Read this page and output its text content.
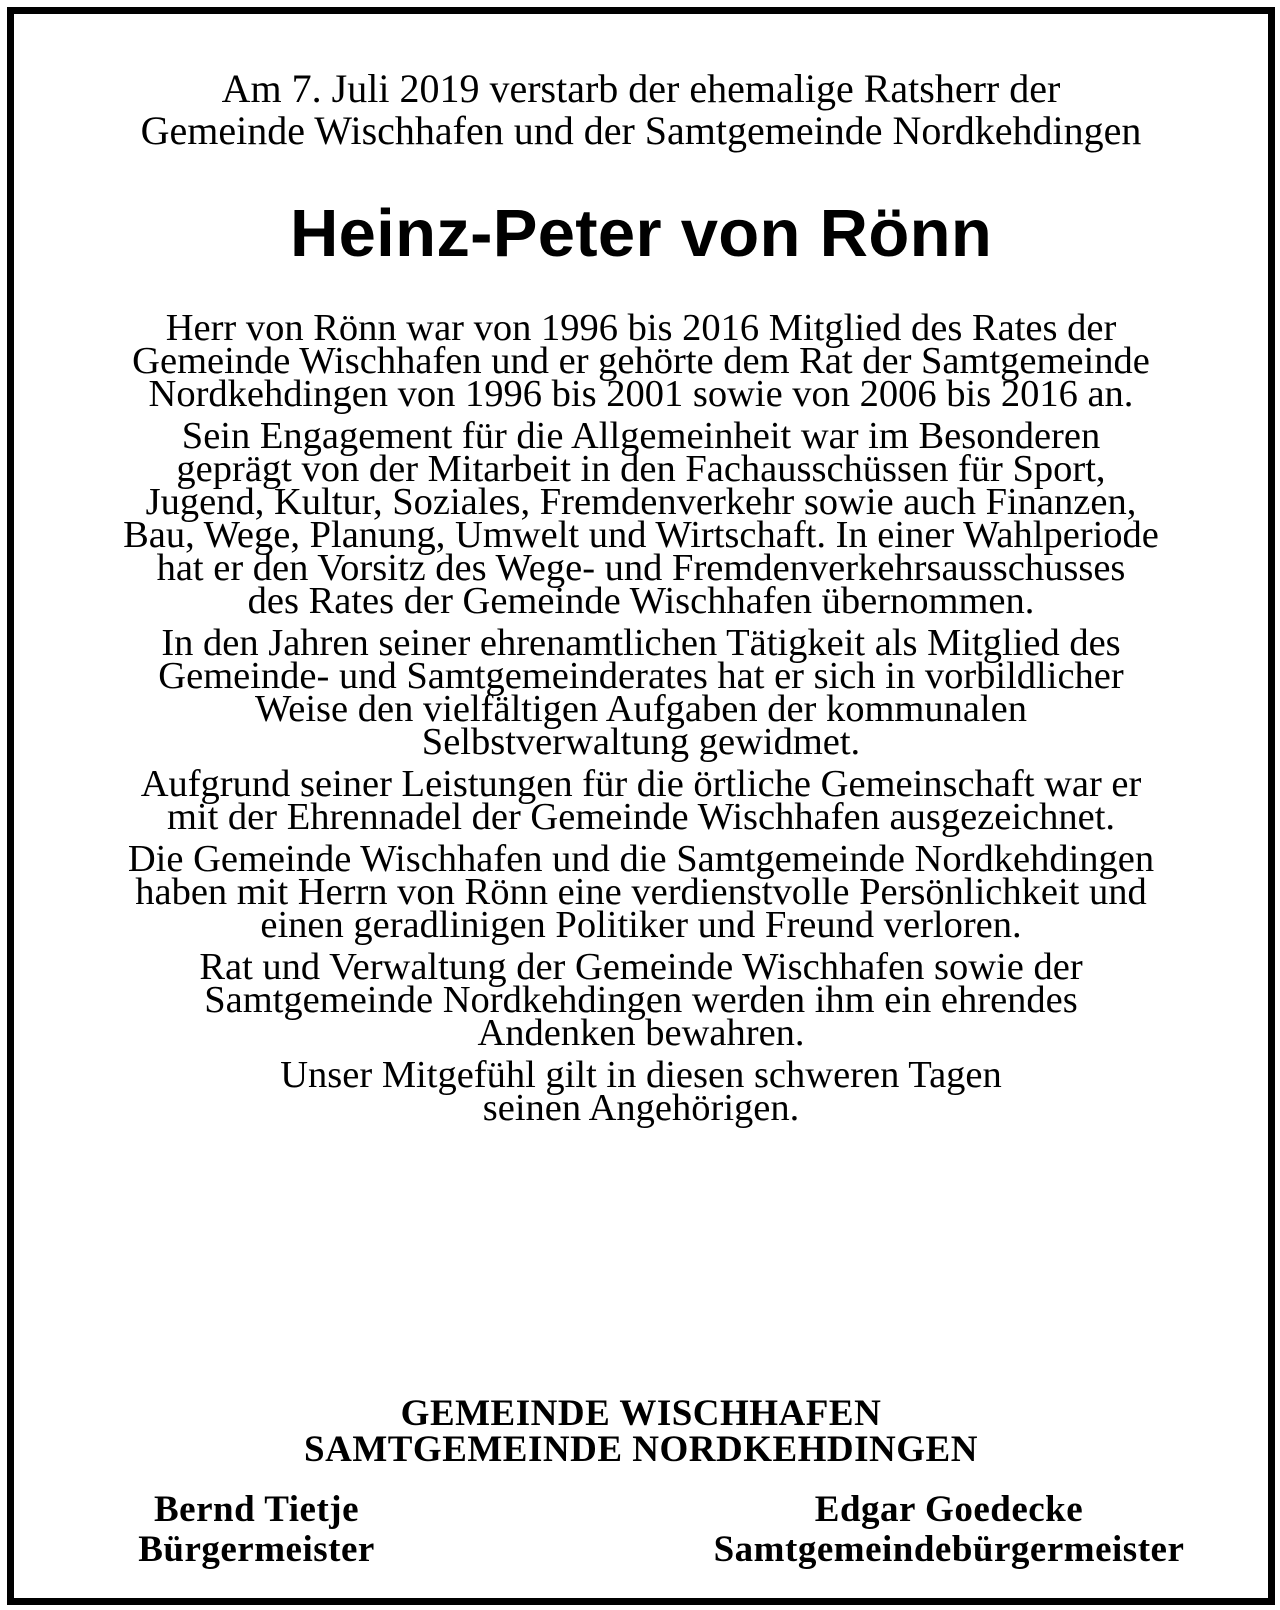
Am 7. Juli 2019 verstarb der ehemalige Ratsherr der
Gemeinde Wischhafen und der Samtgemeinde Nordkehdingen
Heinz-Peter von Rönn

Herr von Rönn war von 1996 bis 2016 Mitglied des Rates der
Gemeinde Wischhafen und er gehörte dem Rat der Samtgemeinde
Nordkehdingen von 1996 bis 2001 sowie von 2006 bis 2016 an.

Sein Engagement für die Allgemeinheit war im Besonderen
geprägt von der Mitarbeit in den Fachausschüssen für Sport,
Jugend, Kultur, Soziales, Fremdenverkehr sowie auch Finanzen,
Bau, Wege, Planung, Umwelt und Wirtschaft. In einer Wahlperiode
hat er den Vorsitz des Wege- und Fremdenverkehrsausschusses
des Rates der Gemeinde Wischhafen übernommen.

In den Jahren seiner ehrenamtlichen Tätigkeit als Mitglied des
Gemeinde- und Samtgemeinderates hat er sich in vorbildlicher
Weise den vielfältigen Aufgaben der kommunalen
Selbstverwaltung gewidmet.

Aufgrund seiner Leistungen für die örtliche Gemeinschaft war er
mit der Ehrennadel der Gemeinde Wischhafen ausgezeichnet.

Die Gemeinde Wischhafen und die Samtgemeinde Nordkehdingen
haben mit Herrn von Rönn eine verdienstvolle Persönlichkeit und
einen geradlinigen Politiker und Freund verloren.

Rat und Verwaltung der Gemeinde Wischhafen sowie der
Samtgemeinde Nordkehdingen werden ihm ein ehrendes
Andenken bewahren.

Unser Mitgefühl gilt in diesen schweren Tagen
seinen Angehörigen.

GEMEINDE WISCHHAFEN
SAMTGEMEINDE NORDKEHDINGEN
Bernd Tietje
Bürgermeister
Edgar Goedecke
Samtgemeindebürgermeister
